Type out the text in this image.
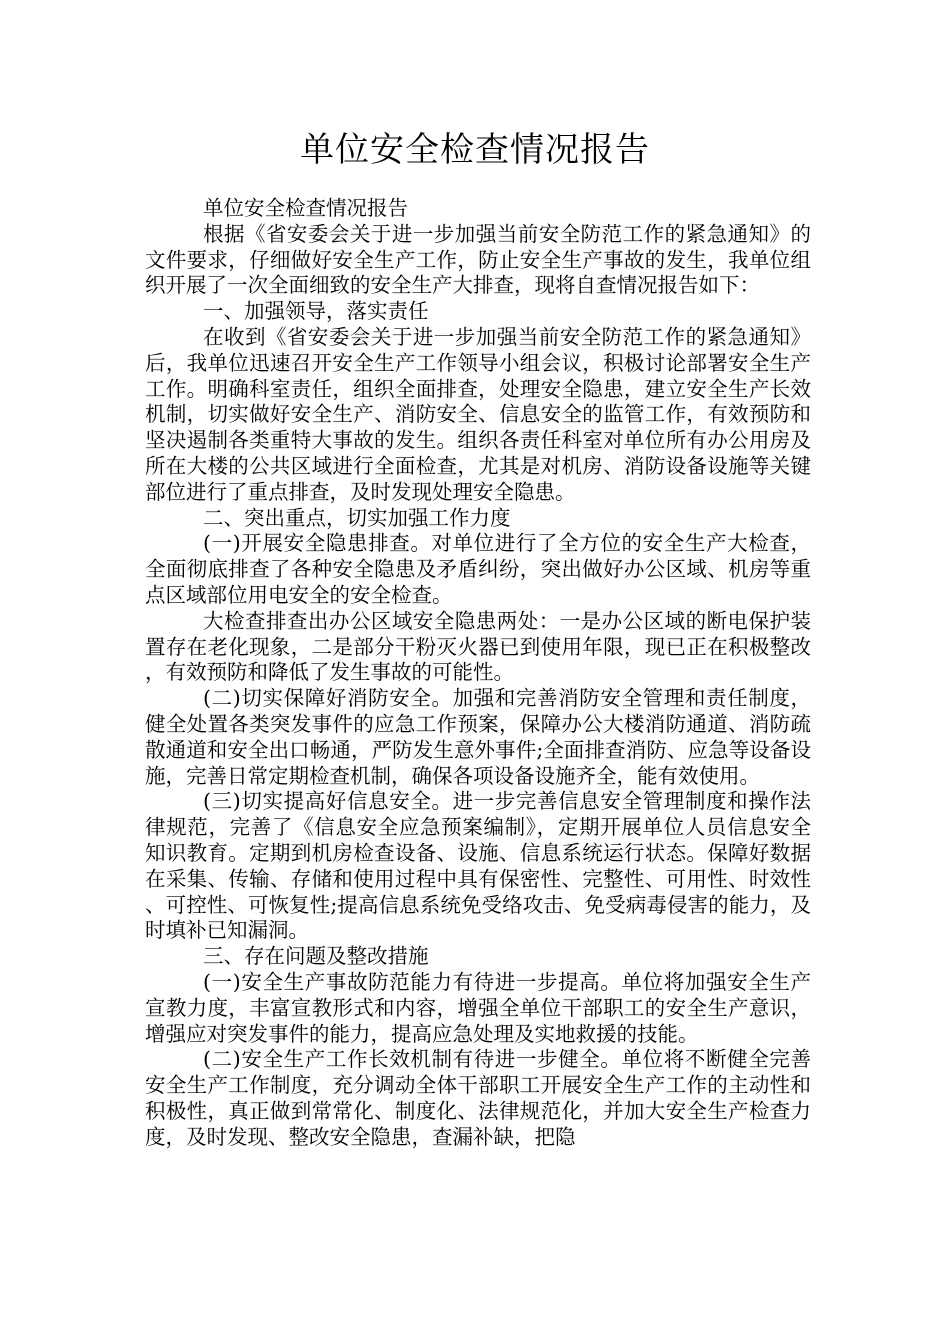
单位安全检查情况报告

单位安全检查情况报告

根据《省安委会关于进一步加强当前安全防范工作的紧急通知》的文件要求，仔细做好安全生产工作，防止安全生产事故的发生，我单位组织开展了一次全面细致的安全生产大排查，现将自查情况报告如下：

一、加强领导，落实责任

在收到《省安委会关于进一步加强当前安全防范工作的紧急通知》后，我单位迅速召开安全生产工作领导小组会议，积极讨论部署安全生产工作。明确科室责任，组织全面排查，处理安全隐患，建立安全生产长效机制，切实做好安全生产、消防安全、信息安全的监管工作，有效预防和坚决遏制各类重特大事故的发生。组织各责任科室对单位所有办公用房及所在大楼的公共区域进行全面检查，尤其是对机房、消防设备设施等关键部位进行了重点排查，及时发现处理安全隐患。

二、突出重点，切实加强工作力度

(一)开展安全隐患排查。对单位进行了全方位的安全生产大检查，全面彻底排查了各种安全隐患及矛盾纠纷，突出做好办公区域、机房等重点区域部位用电安全的安全检查。

大检查排查出办公区域安全隐患两处：一是办公区域的断电保护装置存在老化现象，二是部分干粉灭火器已到使用年限，现已正在积极整改，有效预防和降低了发生事故的可能性。

(二)切实保障好消防安全。加强和完善消防安全管理和责任制度，健全处置各类突发事件的应急工作预案，保障办公大楼消防通道、消防疏散通道和安全出口畅通，严防发生意外事件;全面排查消防、应急等设备设施，完善日常定期检查机制，确保各项设备设施齐全，能有效使用。

(三)切实提高好信息安全。进一步完善信息安全管理制度和操作法律规范，完善了《信息安全应急预案编制》，定期开展单位人员信息安全知识教育。定期到机房检查设备、设施、信息系统运行状态。保障好数据在采集、传输、存储和使用过程中具有保密性、完整性、可用性、时效性、可控性、可恢复性;提高信息系统免受络攻击、免受病毒侵害的能力，及时填补已知漏洞。

三、存在问题及整改措施

(一)安全生产事故防范能力有待进一步提高。单位将加强安全生产宣教力度，丰富宣教形式和内容，增强全单位干部职工的安全生产意识，增强应对突发事件的能力，提高应急处理及实地救援的技能。

(二)安全生产工作长效机制有待进一步健全。单位将不断健全完善安全生产工作制度，充分调动全体干部职工开展安全生产工作的主动性和积极性，真正做到常常化、制度化、法律规范化，并加大安全生产检查力度，及时发现、整改安全隐患，查漏补缺，把隐
